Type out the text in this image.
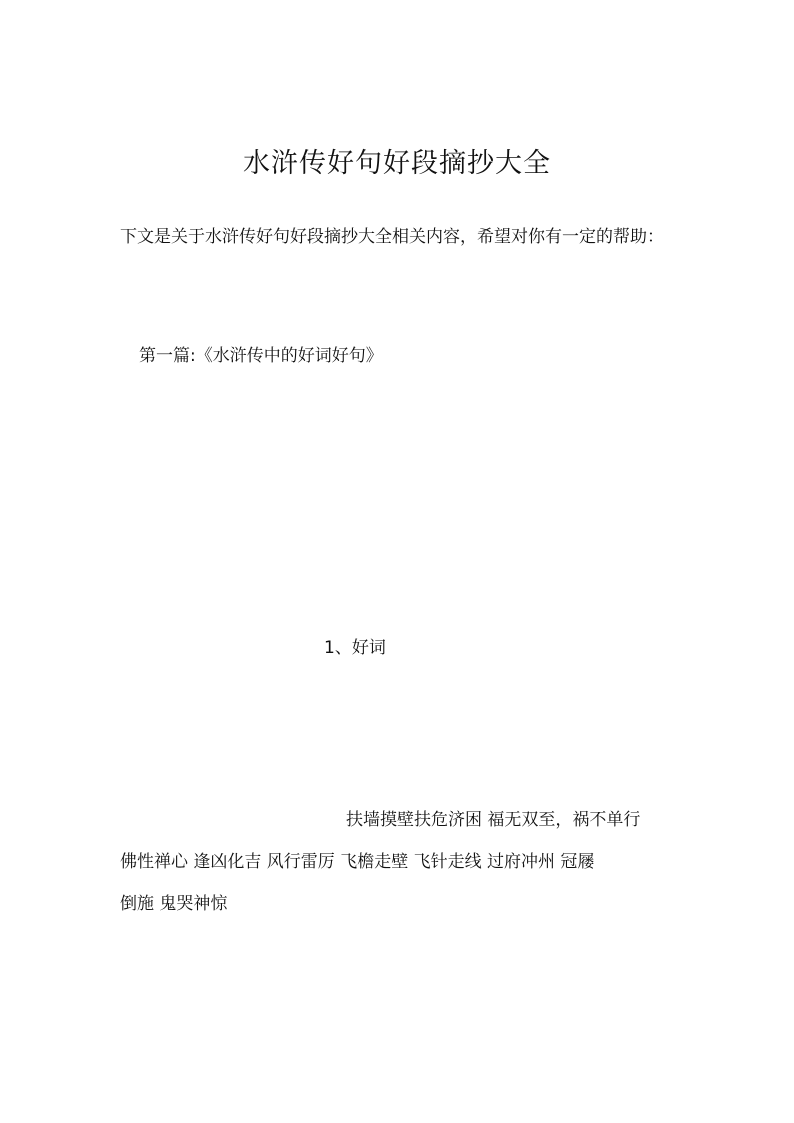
水浒传好句好段摘抄大全

下文是关于水浒传好句好段摘抄大全相关内容，希望对你有一定的帮助：

第一篇:《水浒传中的好词好句》

1、好词

扶墙摸壁扶危济困 福无双至，祸不单行
佛性禅心 逢凶化吉 风行雷厉 飞檐走壁 飞针走线 过府冲州 冠屦
倒施 鬼哭神惊
